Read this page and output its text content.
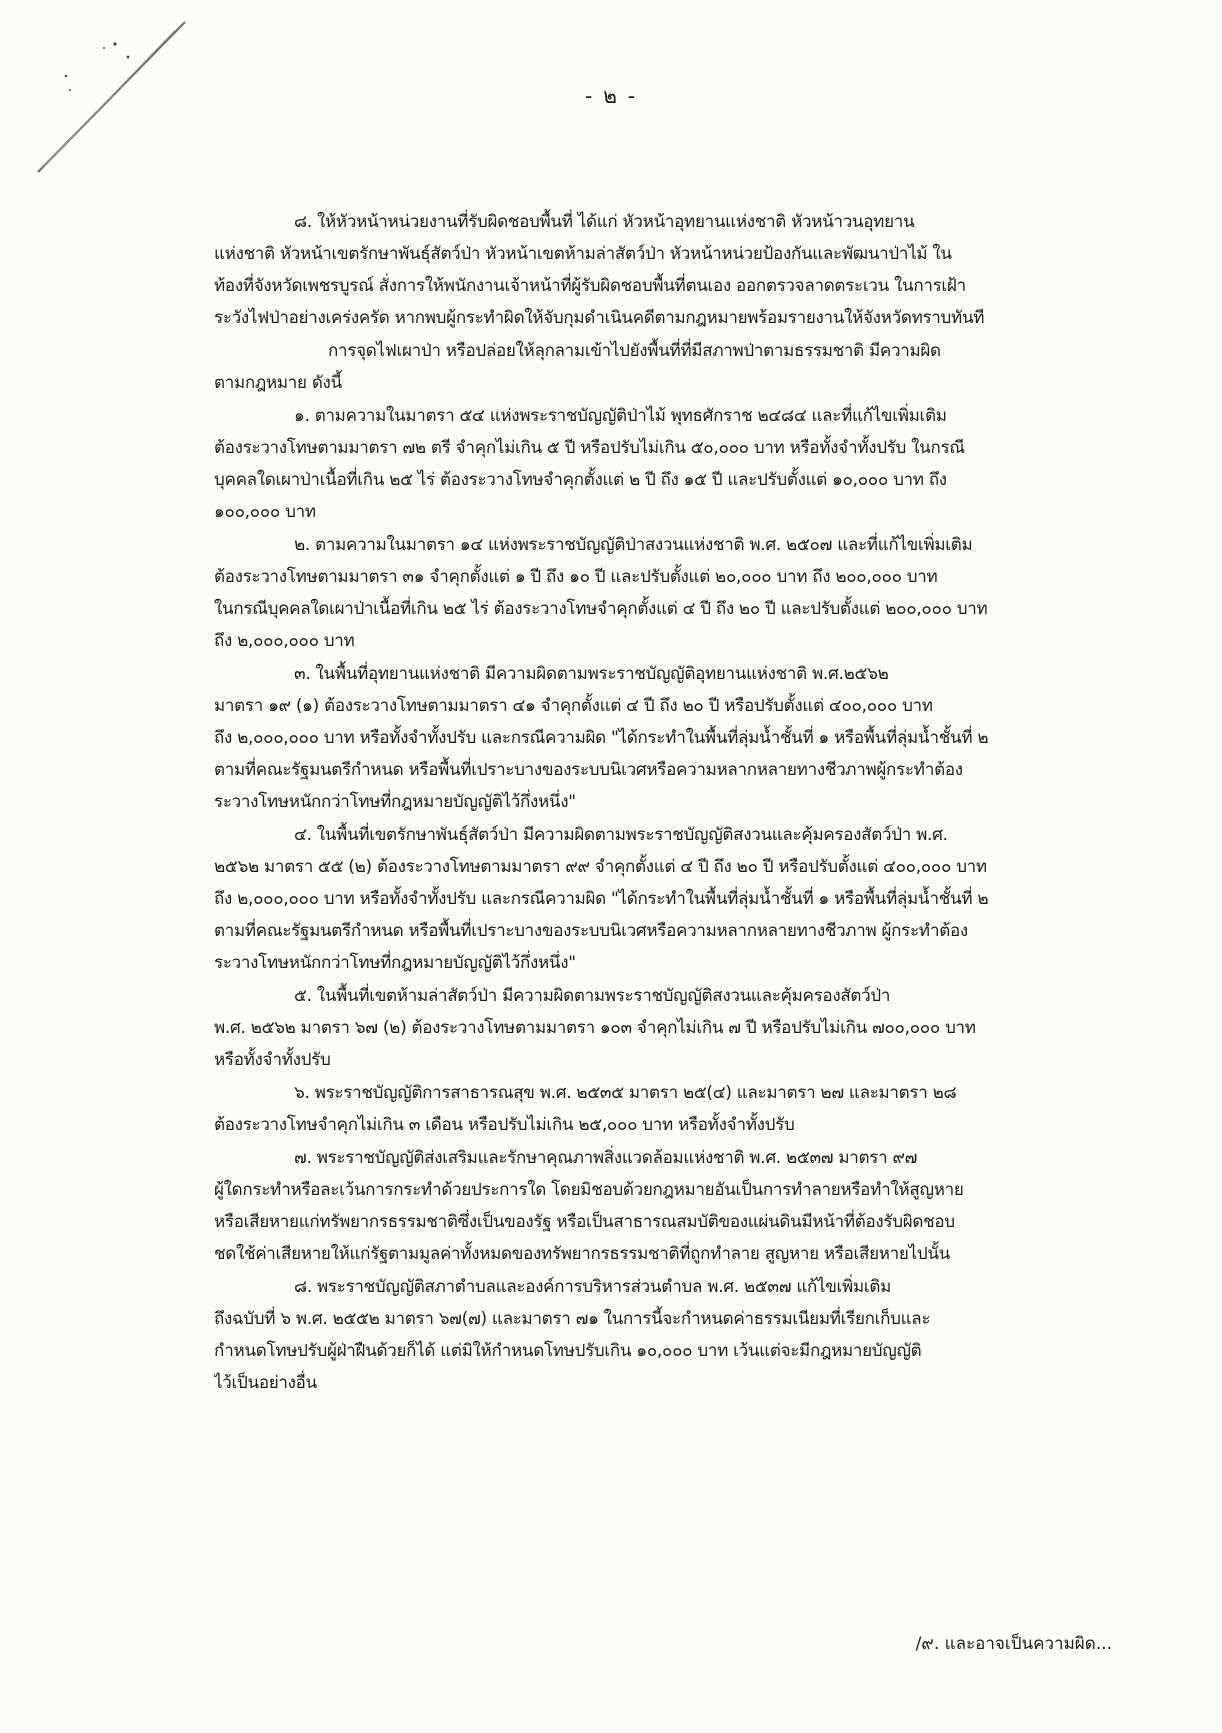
- ๒ -
๘. ให้หัวหน้าหน่วยงานที่รับผิดชอบพื้นที่ ได้แก่ หัวหน้าอุทยานแห่งชาติ หัวหน้าวนอุทยาน
แห่งชาติ หัวหน้าเขตรักษาพันธุ์สัตว์ป่า หัวหน้าเขตห้ามล่าสัตว์ป่า หัวหน้าหน่วยป้องกันและพัฒนาป่าไม้ ใน
ท้องที่จังหวัดเพชรบูรณ์ สั่งการให้พนักงานเจ้าหน้าที่ผู้รับผิดชอบพื้นที่ตนเอง ออกตรวจลาดตระเวน ในการเฝ้า
ระวังไฟป่าอย่างเคร่งครัด หากพบผู้กระทำผิดให้จับกุมดำเนินคดีตามกฎหมายพร้อมรายงานให้จังหวัดทราบทันที
การจุดไฟเผาป่า หรือปล่อยให้ลุกลามเข้าไปยังพื้นที่ที่มีสภาพป่าตามธรรมชาติ มีความผิด
ตามกฎหมาย ดังนี้
๑. ตามความในมาตรา ๕๔ แห่งพระราชบัญญัติป่าไม้ พุทธศักราช ๒๔๘๔ และที่แก้ไขเพิ่มเติม
ต้องระวางโทษตามมาตรา ๗๒ ตรี จำคุกไม่เกิน ๕ ปี หรือปรับไม่เกิน ๕๐,๐๐๐ บาท หรือทั้งจำทั้งปรับ ในกรณี
บุคคลใดเผาป่าเนื้อที่เกิน ๒๕ ไร่ ต้องระวางโทษจำคุกตั้งแต่ ๒ ปี ถึง ๑๕ ปี และปรับตั้งแต่ ๑๐,๐๐๐ บาท ถึง
๑๐๐,๐๐๐ บาท
๒. ตามความในมาตรา ๑๔ แห่งพระราชบัญญัติป่าสงวนแห่งชาติ พ.ศ. ๒๕๐๗ และที่แก้ไขเพิ่มเติม
ต้องระวางโทษตามมาตรา ๓๑ จำคุกตั้งแต่ ๑ ปี ถึง ๑๐ ปี และปรับตั้งแต่ ๒๐,๐๐๐ บาท ถึง ๒๐๐,๐๐๐ บาท
ในกรณีบุคคลใดเผาป่าเนื้อที่เกิน ๒๕ ไร่ ต้องระวางโทษจำคุกตั้งแต่ ๔ ปี ถึง ๒๐ ปี และปรับตั้งแต่ ๒๐๐,๐๐๐ บาท
ถึง ๒,๐๐๐,๐๐๐ บาท
๓. ในพื้นที่อุทยานแห่งชาติ มีความผิดตามพระราชบัญญัติอุทยานแห่งชาติ พ.ศ.๒๕๖๒
มาตรา ๑๙ (๑) ต้องระวางโทษตามมาตรา ๔๑ จำคุกตั้งแต่ ๔ ปี ถึง ๒๐ ปี หรือปรับตั้งแต่ ๔๐๐,๐๐๐ บาท
ถึง ๒,๐๐๐,๐๐๐ บาท หรือทั้งจำทั้งปรับ และกรณีความผิด "ได้กระทำในพื้นที่ลุ่มน้ำชั้นที่ ๑ หรือพื้นที่ลุ่มน้ำชั้นที่ ๒
ตามที่คณะรัฐมนตรีกำหนด หรือพื้นที่เปราะบางของระบบนิเวศหรือความหลากหลายทางชีวภาพผู้กระทำต้อง
ระวางโทษหนักกว่าโทษที่กฎหมายบัญญัติไว้กึ่งหนึ่ง"
๔. ในพื้นที่เขตรักษาพันธุ์สัตว์ป่า มีความผิดตามพระราชบัญญัติสงวนและคุ้มครองสัตว์ป่า พ.ศ.
๒๕๖๒ มาตรา ๕๕ (๒) ต้องระวางโทษตามมาตรา ๙๙ จำคุกตั้งแต่ ๔ ปี ถึง ๒๐ ปี หรือปรับตั้งแต่ ๔๐๐,๐๐๐ บาท
ถึง ๒,๐๐๐,๐๐๐ บาท หรือทั้งจำทั้งปรับ และกรณีความผิด "ได้กระทำในพื้นที่ลุ่มน้ำชั้นที่ ๑ หรือพื้นที่ลุ่มน้ำชั้นที่ ๒
ตามที่คณะรัฐมนตรีกำหนด หรือพื้นที่เปราะบางของระบบนิเวศหรือความหลากหลายทางชีวภาพ ผู้กระทำต้อง
ระวางโทษหนักกว่าโทษที่กฎหมายบัญญัติไว้กึ่งหนึ่ง"
๕. ในพื้นที่เขตห้ามล่าสัตว์ป่า มีความผิดตามพระราชบัญญัติสงวนและคุ้มครองสัตว์ป่า
พ.ศ. ๒๕๖๒ มาตรา ๖๗ (๒) ต้องระวางโทษตามมาตรา ๑๐๓ จำคุกไม่เกิน ๗ ปี หรือปรับไม่เกิน ๗๐๐,๐๐๐ บาท
หรือทั้งจำทั้งปรับ
๖. พระราชบัญญัติการสาธารณสุข พ.ศ. ๒๕๓๕ มาตรา ๒๕(๔) และมาตรา ๒๗ และมาตรา ๒๘
ต้องระวางโทษจำคุกไม่เกิน ๓ เดือน หรือปรับไม่เกิน ๒๕,๐๐๐ บาท หรือทั้งจำทั้งปรับ
๗. พระราชบัญญัติส่งเสริมและรักษาคุณภาพสิ่งแวดล้อมแห่งชาติ พ.ศ. ๒๕๓๗ มาตรา ๙๗
ผู้ใดกระทำหรือละเว้นการกระทำด้วยประการใด โดยมิชอบด้วยกฎหมายอันเป็นการทำลายหรือทำให้สูญหาย
หรือเสียหายแก่ทรัพยากรธรรมชาติซึ่งเป็นของรัฐ หรือเป็นสาธารณสมบัติของแผ่นดินมีหน้าที่ต้องรับผิดชอบ
ชดใช้ค่าเสียหายให้แก่รัฐตามมูลค่าทั้งหมดของทรัพยากรธรรมชาติที่ถูกทำลาย สูญหาย หรือเสียหายไปนั้น
๘. พระราชบัญญัติสภาตำบลและองค์การบริหารส่วนตำบล พ.ศ. ๒๕๓๗ แก้ไขเพิ่มเติม
ถึงฉบับที่ ๖ พ.ศ. ๒๕๕๒ มาตรา ๖๗(๗) และมาตรา ๗๑ ในการนี้จะกำหนดค่าธรรมเนียมที่เรียกเก็บและ
กำหนดโทษปรับผู้ฝ่าฝืนด้วยก็ได้ แต่มิให้กำหนดโทษปรับเกิน ๑๐,๐๐๐ บาท เว้นแต่จะมีกฎหมายบัญญัติ
ไว้เป็นอย่างอื่น
/๙. และอาจเป็นความผิด...
